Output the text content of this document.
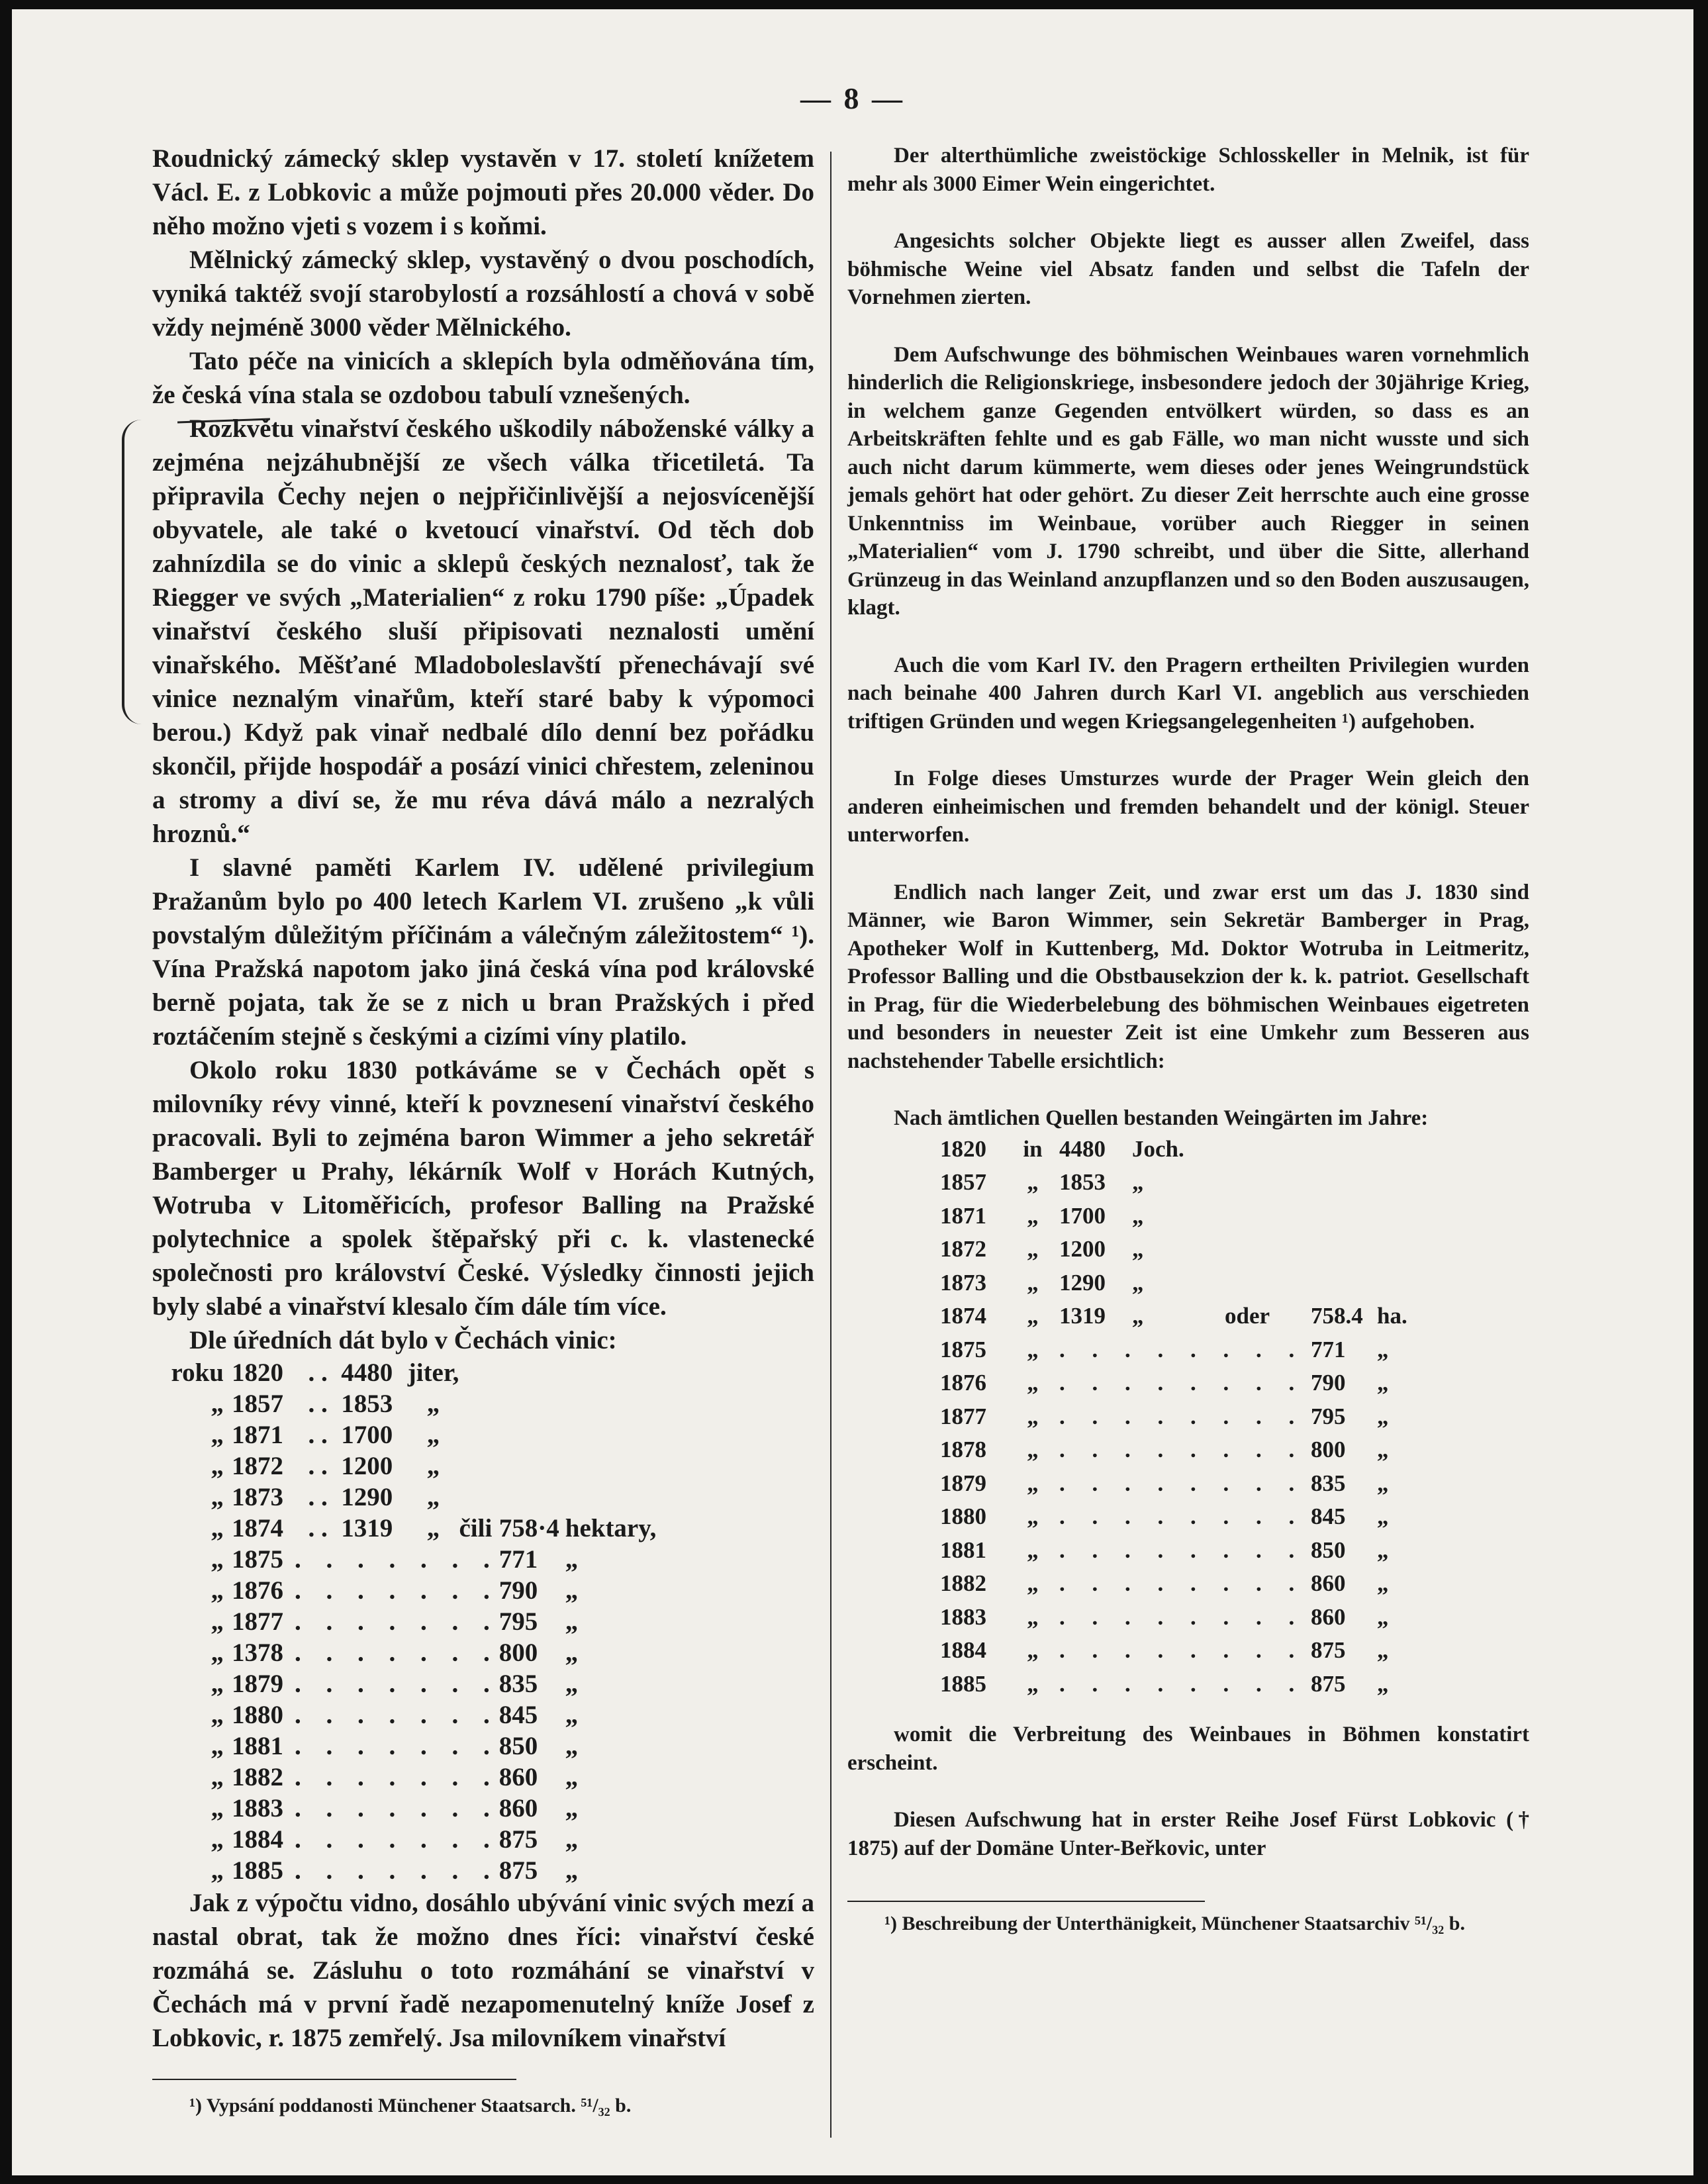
— 8 —

Roudnický zámecký sklep vystavěn v 17. století knížetem Václ. E. z Lobkovic a může pojmouti přes 20.000 věder. Do něho možno vjeti s vozem i s koňmi.

Mělnický zámecký sklep, vystavěný o dvou poschodích, vyniká taktéž svojí starobylostí a rozsáhlostí a chová v sobě vždy nejméně 3000 věder Mělnického.

Tato péče na vinicích a sklepích byla odměňována tím, že česká vína stala se ozdobou tabulí vznešených.

Rozkvětu vinařství českého uškodily náboženské války a zejména nejzáhubnější ze všech válka třicetiletá. Ta připravila Čechy nejen o nejpřičinlivější a nejosvícenější obyvatele, ale také o kvetoucí vinařství. Od těch dob zahnízdila se do vinic a sklepů českých neznalosť, tak že Riegger ve svých „Materialien“ z roku 1790 píše: „Úpadek vinařství českého sluší připisovati neznalosti umění vinařského. Měšťané Mladoboleslavští přenechávají své vinice neznalým vinařům, kteří staré baby k výpomoci berou.) Když pak vinař nedbalé dílo denní bez pořádku skončil, přijde hospodář a posází vinici chřestem, zeleninou a stromy a diví se, že mu réva dává málo a nezralých hroznů.“

I slavné paměti Karlem IV. udělené privilegium Pražanům bylo po 400 letech Karlem VI. zrušeno „k vůli povstalým důležitým příčinám a válečným záležitostem“ ¹). Vína Pražská napotom jako jiná česká vína pod královské berně pojata, tak že se z nich u bran Pražských i před roztáčením stejně s českými a cizími víny platilo.

Okolo roku 1830 potkáváme se v Čechách opět s milovníky révy vinné, kteří k povznesení vinařství českého pracovali. Byli to zejména baron Wimmer a jeho sekretář Bamberger u Prahy, lékárník Wolf v Horách Kutných, Wotruba v Litoměřicích, profesor Balling na Pražské polytechnice a spolek štěpařský při c. k. vlastenecké společnosti pro království České. Výsledky činnosti jejich byly slabé a vinařství klesalo čím dále tím více.

Dle úředních dát bylo v Čechách vinic:

roku	1820	. .	4480	jiter,			
„	1857	. .	1853	„			
„	1871	. .	1700	„			
„	1872	. .	1200	„			
„	1873	. .	1290	„			
„	1874	. .	1319	„	čili	758·4	hektary,
„	1875	. . . . . . .				771	„
„	1876	. . . . . . .				790	„
„	1877	. . . . . . .				795	„
„	1378	. . . . . . .				800	„
„	1879	. . . . . . .				835	„
„	1880	. . . . . . .				845	„
„	1881	. . . . . . .				850	„
„	1882	. . . . . . .				860	„
„	1883	. . . . . . .				860	„
„	1884	. . . . . . .				875	„
„	1885	. . . . . . .				875	„

Jak z výpočtu vidno, dosáhlo ubývání vinic svých mezí a nastal obrat, tak že možno dnes říci: vinařství české rozmáhá se. Zásluhu o toto rozmáhání se vinařství v Čechách má v první řadě nezapomenutelný kníže Josef z Lobkovic, r. 1875 zemřelý. Jsa milovníkem vinařství

¹) Vypsání poddanosti Münchener Staatsarch. ⁵¹/₃₂ b.

Der alterthümliche zweistöckige Schlosskeller in Melnik, ist für mehr als 3000 Eimer Wein eingerichtet.

Angesichts solcher Objekte liegt es ausser allen Zweifel, dass böhmische Weine viel Absatz fanden und selbst die Tafeln der Vornehmen zierten.

Dem Aufschwunge des böhmischen Weinbaues waren vornehmlich hinderlich die Religionskriege, insbesondere jedoch der 30jährige Krieg, in welchem ganze Gegenden entvölkert würden, so dass es an Arbeitskräften fehlte und es gab Fälle, wo man nicht wusste und sich auch nicht darum kümmerte, wem dieses oder jenes Weingrundstück jemals gehört hat oder gehört. Zu dieser Zeit herrschte auch eine grosse Unkenntniss im Weinbaue, vorüber auch Riegger in seinen „Materialien“ vom J. 1790 schreibt, und über die Sitte, allerhand Grünzeug in das Weinland anzupflanzen und so den Boden auszusaugen, klagt.

Auch die vom Karl IV. den Pragern ertheilten Privilegien wurden nach beinahe 400 Jahren durch Karl VI. angeblich aus verschieden triftigen Gründen und wegen Kriegsangelegenheiten ¹) aufgehoben.

In Folge dieses Umsturzes wurde der Prager Wein gleich den anderen einheimischen und fremden behandelt und der königl. Steuer unterworfen.

Endlich nach langer Zeit, und zwar erst um das J. 1830 sind Männer, wie Baron Wimmer, sein Sekretär Bamberger in Prag, Apotheker Wolf in Kuttenberg, Md. Doktor Wotruba in Leitmeritz, Professor Balling und die Obstbausekzion der k. k. patriot. Gesellschaft in Prag, für die Wiederbelebung des böhmischen Weinbaues eigetreten und besonders in neuester Zeit ist eine Umkehr zum Besseren aus nachstehender Tabelle ersichtlich:

Nach ämtlichen Quellen bestanden Weingärten im Jahre:

1820	in	4480	Joch.			
1857	„	1853	„			
1871	„	1700	„			
1872	„	1200	„			
1873	„	1290	„			
1874	„	1319	„	oder	758.4	ha.
1875	„	. . . . . . . .			771	„
1876	„	. . . . . . . .			790	„
1877	„	. . . . . . . .			795	„
1878	„	. . . . . . . .			800	„
1879	„	. . . . . . . .			835	„
1880	„	. . . . . . . .			845	„
1881	„	. . . . . . . .			850	„
1882	„	. . . . . . . .			860	„
1883	„	. . . . . . . .			860	„
1884	„	. . . . . . . .			875	„
1885	„	. . . . . . . .			875	„

womit die Verbreitung des Weinbaues in Böhmen konstatirt erscheint.

Diesen Aufschwung hat in erster Reihe Josef Fürst Lobkovic († 1875) auf der Domäne Unter-Beřkovic, unter

¹) Beschreibung der Unterthänigkeit, Münchener Staatsarchiv ⁵¹/₃₂ b.
